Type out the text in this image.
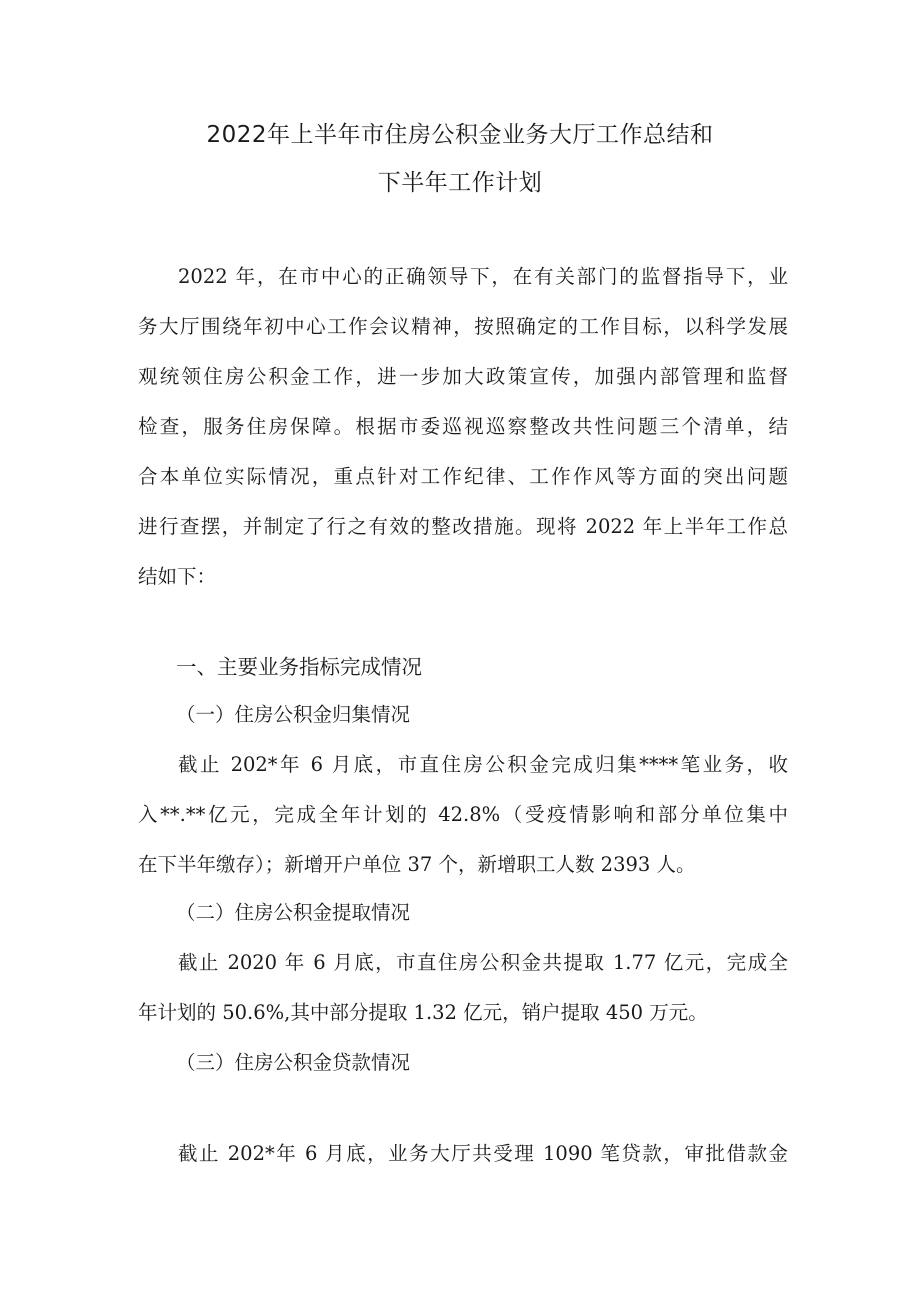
2022年上半年市住房公积金业务大厅工作总结和
下半年工作计划
2022 年，在市中心的正确领导下，在有关部门的监督指导下，业
务大厅围绕年初中心工作会议精神，按照确定的工作目标，以科学发展
观统领住房公积金工作，进一步加大政策宣传，加强内部管理和监督
检查，服务住房保障。根据市委巡视巡察整改共性问题三个清单，结
合本单位实际情况，重点针对工作纪律、工作作风等方面的突出问题
进行查摆，并制定了行之有效的整改措施。现将 2022 年上半年工作总
结如下：
一、主要业务指标完成情况
（一）住房公积金归集情况
截止 202*年 6 月底，市直住房公积金完成归集****笔业务，收
入**.**亿元，完成全年计划的 42.8%（受疫情影响和部分单位集中
在下半年缴存）；新增开户单位 37 个，新增职工人数 2393 人。
（二）住房公积金提取情况
截止 2020 年 6 月底，市直住房公积金共提取 1.77 亿元，完成全
年计划的 50.6%,其中部分提取 1.32 亿元，销户提取 450 万元。
（三）住房公积金贷款情况
截止 202*年 6 月底，业务大厅共受理 1090 笔贷款，审批借款金
